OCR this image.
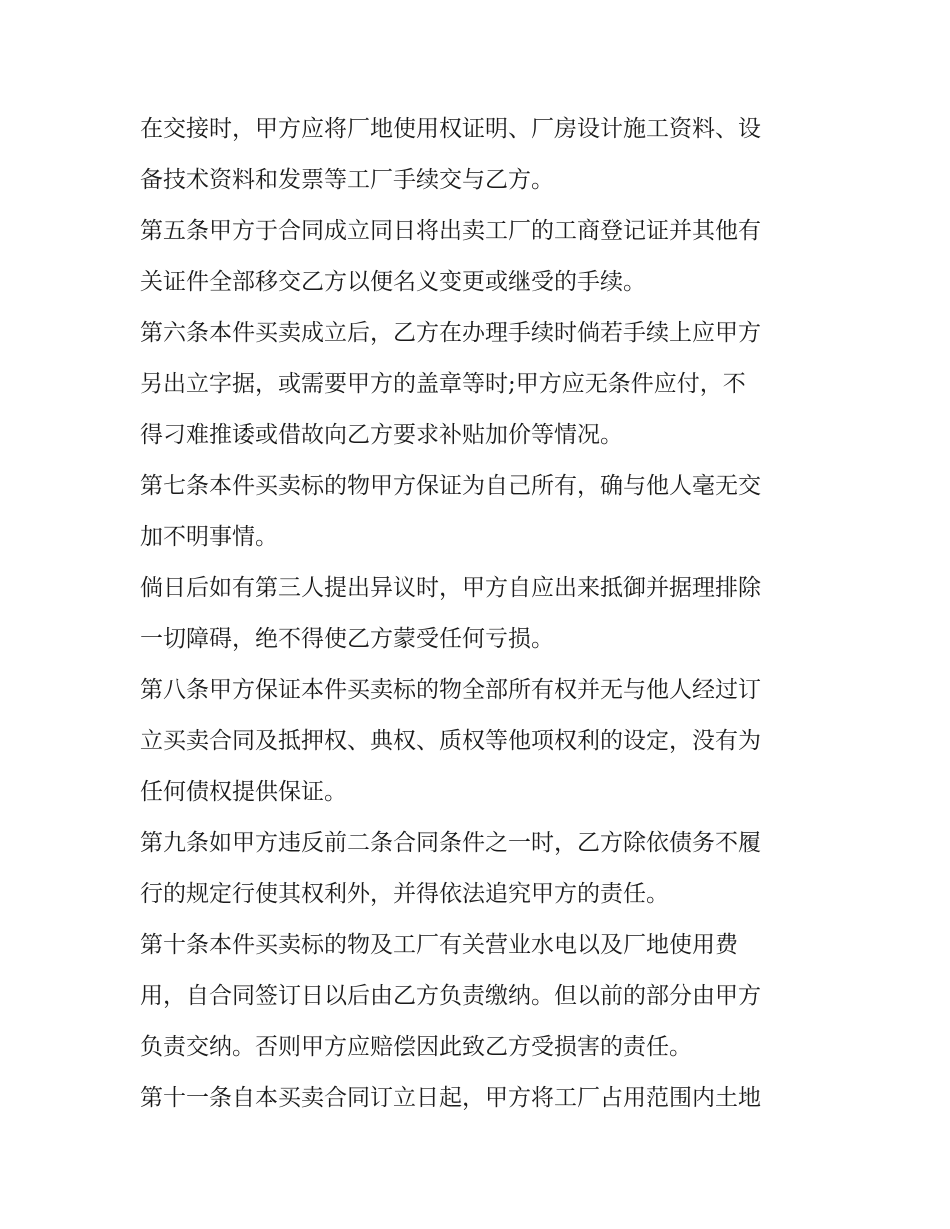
在交接时，甲方应将厂地使用权证明、厂房设计施工资料、设
备技术资料和发票等工厂手续交与乙方。

第五条甲方于合同成立同日将出卖工厂的工商登记证并其他有
关证件全部移交乙方以便名义变更或继受的手续。

第六条本件买卖成立后，乙方在办理手续时倘若手续上应甲方
另出立字据，或需要甲方的盖章等时;甲方应无条件应付，不
得刁难推诿或借故向乙方要求补贴加价等情况。

第七条本件买卖标的物甲方保证为自己所有，确与他人毫无交
加不明事情。

倘日后如有第三人提出异议时，甲方自应出来抵御并据理排除
一切障碍，绝不得使乙方蒙受任何亏损。

第八条甲方保证本件买卖标的物全部所有权并无与他人经过订
立买卖合同及抵押权、典权、质权等他项权利的设定，没有为
任何债权提供保证。

第九条如甲方违反前二条合同条件之一时，乙方除依债务不履
行的规定行使其权利外，并得依法追究甲方的责任。

第十条本件买卖标的物及工厂有关营业水电以及厂地使用费
用，自合同签订日以后由乙方负责缴纳。但以前的部分由甲方
负责交纳。否则甲方应赔偿因此致乙方受损害的责任。

第十一条自本买卖合同订立日起，甲方将工厂占用范围内土地
